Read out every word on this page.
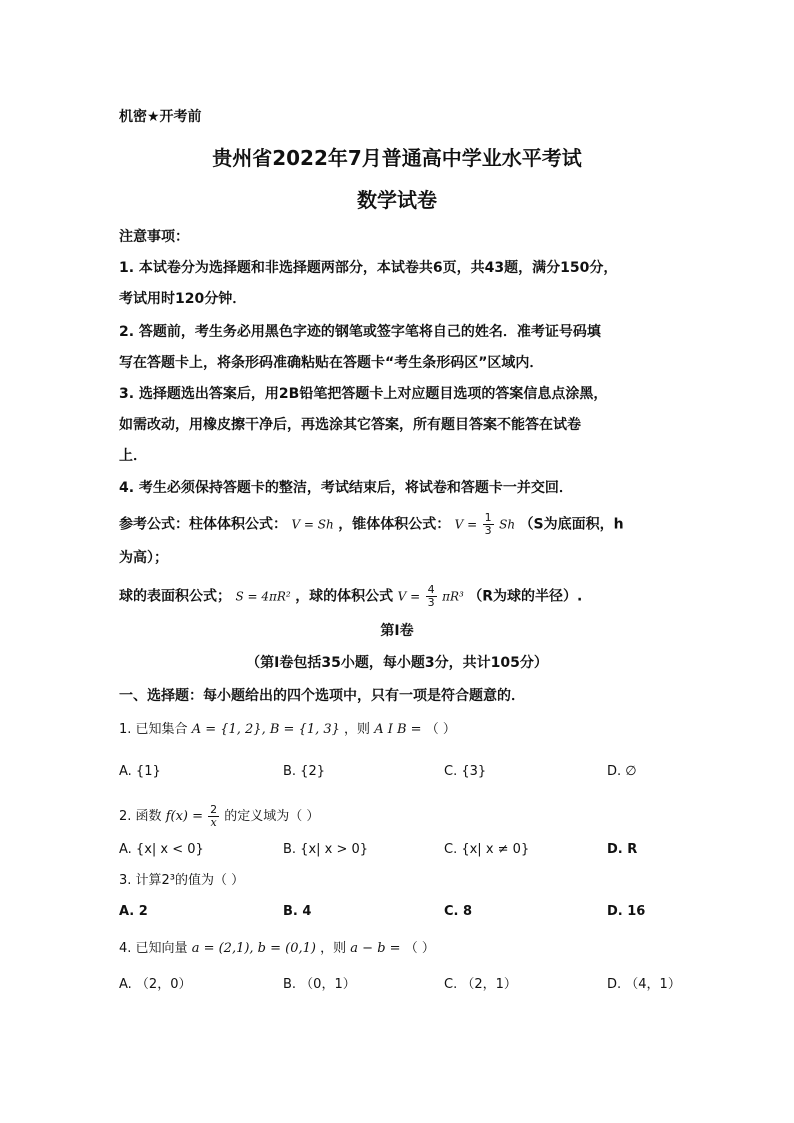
机密★开考前
贵州省2022年7月普通高中学业水平考试
数学试卷
注意事项：
1. 本试卷分为选择题和非选择题两部分，本试卷共6页，共43题，满分150分，
考试用时120分钟．
2. 答题前，考生务必用黑色字迹的钢笔或签字笔将自己的姓名．准考证号码填
写在答题卡上，将条形码准确粘贴在答题卡“考生条形码区”区域内．
3. 选择题选出答案后，用2B铅笔把答题卡上对应题目选项的答案信息点涂黑，
如需改动，用橡皮擦干净后，再选涂其它答案，所有题目答案不能答在试卷
上．
4. 考生必须保持答题卡的整洁，考试结束后，将试卷和答题卡一并交回．
参考公式：柱体体积公式： V = Sh ，锥体体积公式： $V = \frac{1}{3}$ Sh （S为底面积，h
为高）；
球的表面积公式； S = 4πR² ，球的体积公式 $V = \frac{4}{3} \pi R^3$ （R为球的半径）.
第I卷
（第I卷包括35小题，每小题3分，共计105分）
一、选择题：每小题给出的四个选项中，只有一项是符合题意的．
1. 已知集合 A = {1, 2}, B = {1, 3} ，则 A I B = （ ）
A. {1}	B. {2}	C. {3}	D. ∅
2. 函数 $f(x) = \frac{2}{x}$ 的定义域为（ ）
A. {x| x < 0}	B. {x| x > 0}	C. {x| x ≠ 0}	D. R
3. 计算2³的值为（ ）
A. 2	B. 4	C. 8	D. 16
4. 已知向量 a = (2,1), b = (0,1) ，则 a − b = （ ）
A. （2，0）	B. （0，1）	C. （2，1）	D. （4，1）
